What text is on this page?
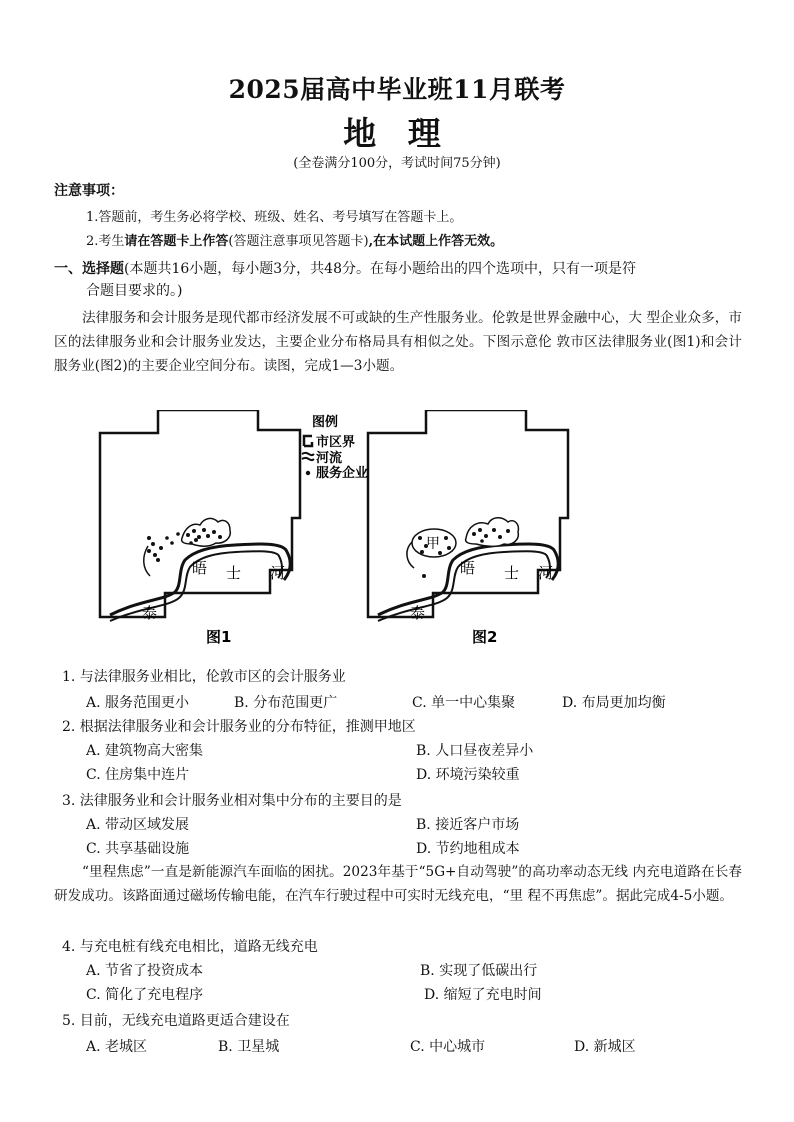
2025届高中毕业班11月联考
地 理
(全卷满分100分，考试时间75分钟)
注意事项：
1.答题前，考生务必将学校、班级、姓名、考号填写在答题卡上。
2.考生请在答题卡上作答(答题注意事项见答题卡),在本试题上作答无效。
一、选择题(本题共16小题，每小题3分，共48分。在每小题给出的四个选项中，只有一项是符
合题目要求的。)
法律服务和会计服务是现代都市经济发展不可或缺的生产性服务业。伦敦是世界金融中心，大 型企业众多，市区的法律服务业和会计服务业发达，主要企业分布格局具有相似之处。下图示意伦 敦市区法律服务业(图1)和会计服务业(图2)的主要企业空间分布。读图，完成1—3小题。
晤 士 河
泰
图1
甲
晤 士 河
泰
图2
图例
市区界
河流
服务企业
1. 与法律服务业相比，伦敦市区的会计服务业
A. 服务范围更小	B. 分布范围更广	C. 单一中心集聚	D. 布局更加均衡
2. 根据法律服务业和会计服务业的分布特征，推测甲地区
A. 建筑物高大密集	B. 人口昼夜差异小
C. 住房集中连片	D. 环境污染较重
3. 法律服务业和会计服务业相对集中分布的主要目的是
A. 带动区域发展	B. 接近客户市场
C. 共享基础设施	D. 节约地租成本
“里程焦虑”一直是新能源汽车面临的困扰。2023年基于“5G+自动驾驶”的高功率动态无线 内充电道路在长春研发成功。该路面通过磁场传输电能，在汽车行驶过程中可实时无线充电，“里 程不再焦虑”。据此完成4-5小题。
4. 与充电桩有线充电相比，道路无线充电
A. 节省了投资成本	B. 实现了低碳出行
C. 简化了充电程序	D. 缩短了充电时间
5. 目前，无线充电道路更适合建设在
A. 老城区	B. 卫星城	C. 中心城市	D. 新城区
